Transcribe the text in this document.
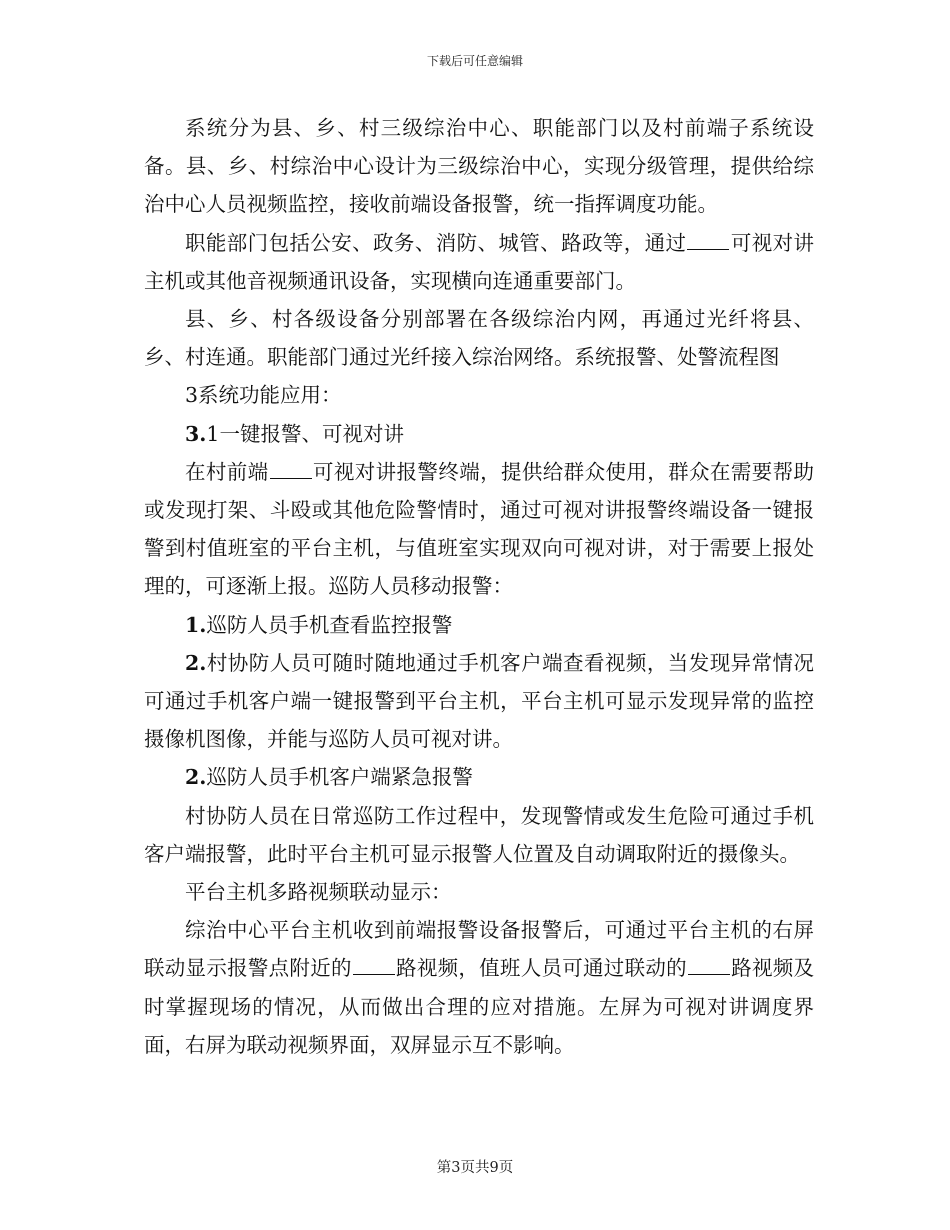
下载后可任意编辑

系统分为县、乡、村三级综治中心、职能部门以及村前端子系统设备。县、乡、村综治中心设计为三级综治中心，实现分级管理，提供给综治中心人员视频监控，接收前端设备报警，统一指挥调度功能。

职能部门包括公安、政务、消防、城管、路政等，通过 可视对讲主机或其他音视频通讯设备，实现横向连通重要部门。

县、乡、村各级设备分别部署在各级综治内网，再通过光纤将县、乡、村连通。职能部门通过光纤接入综治网络。系统报警、处警流程图

3系统功能应用：

3.1一键报警、可视对讲

在村前端 可视对讲报警终端，提供给群众使用，群众在需要帮助或发现打架、斗殴或其他危险警情时，通过可视对讲报警终端设备一键报警到村值班室的平台主机，与值班室实现双向可视对讲，对于需要上报处理的，可逐渐上报。巡防人员移动报警：

1.巡防人员手机查看监控报警

2.村协防人员可随时随地通过手机客户端查看视频，当发现异常情况可通过手机客户端一键报警到平台主机，平台主机可显示发现异常的监控摄像机图像，并能与巡防人员可视对讲。

2.巡防人员手机客户端紧急报警

村协防人员在日常巡防工作过程中，发现警情或发生危险可通过手机客户端报警，此时平台主机可显示报警人位置及自动调取附近的摄像头。

平台主机多路视频联动显示：

综治中心平台主机收到前端报警设备报警后，可通过平台主机的右屏联动显示报警点附近的 路视频，值班人员可通过联动的 路视频及时掌握现场的情况，从而做出合理的应对措施。左屏为可视对讲调度界面，右屏为联动视频界面，双屏显示互不影响。

第3页共9页
